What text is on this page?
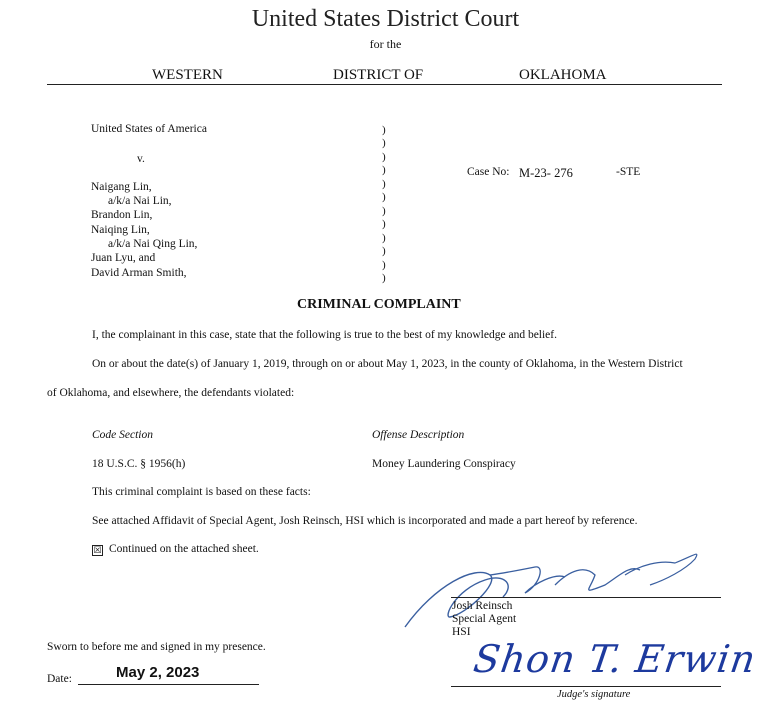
United States District Court
for the
WESTERN	DISTRICT OF	OKLAHOMA
United States of America
v.
Naigang Lin,
a/k/a Nai Lin,
Brandon Lin,
Naiqing Lin,
a/k/a Nai Qing Lin,
Juan Lyu, and
David Arman Smith,
)
)
)
)
)
)
)
)
)
)
)
)
Case No: M-23- 276	-STE
CRIMINAL COMPLAINT
I, the complainant in this case, state that the following is true to the best of my knowledge and belief.
On or about the date(s) of January 1, 2019, through on or about May 1, 2023, in the county of Oklahoma, in the Western District
of Oklahoma, and elsewhere, the defendants violated:
Code Section	Offense Description
18 U.S.C. § 1956(h)	Money Laundering Conspiracy
This criminal complaint is based on these facts:
See attached Affidavit of Special Agent, Josh Reinsch, HSI which is incorporated and made a part hereof by reference.
☒ Continued on the attached sheet.
Josh Reinsch
Special Agent
HSI
Sworn to before me and signed in my presence.
Date:	May 2, 2023	Shon T. Erwin
Judge's signature
